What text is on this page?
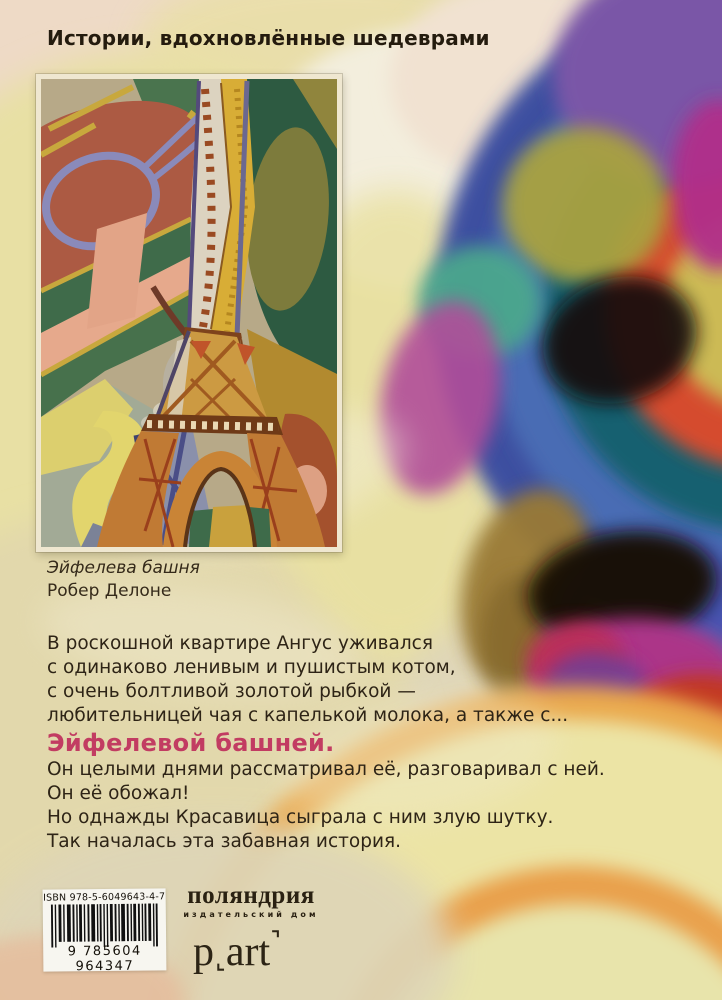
Истории, вдохновлённые шедеврами
Эйфелева башня
Робер Делоне

В роскошной квартире Ангус уживался

с одинаково ленивым и пушистым котом,

с очень болтливой золотой рыбкой —

любительницей чая с капелькой молока, а также с...

Эйфелевой башней.

Он целыми днями рассматривал её, разговаривал с ней.

Он её обожал!

Но однажды Красавица сыграла с ним злую шутку.

Так началась эта забавная история.

ISBN 978-5-6049643-4-7
9 785604 964347
поляндрия
издательский дом
p ⌞art⌝
